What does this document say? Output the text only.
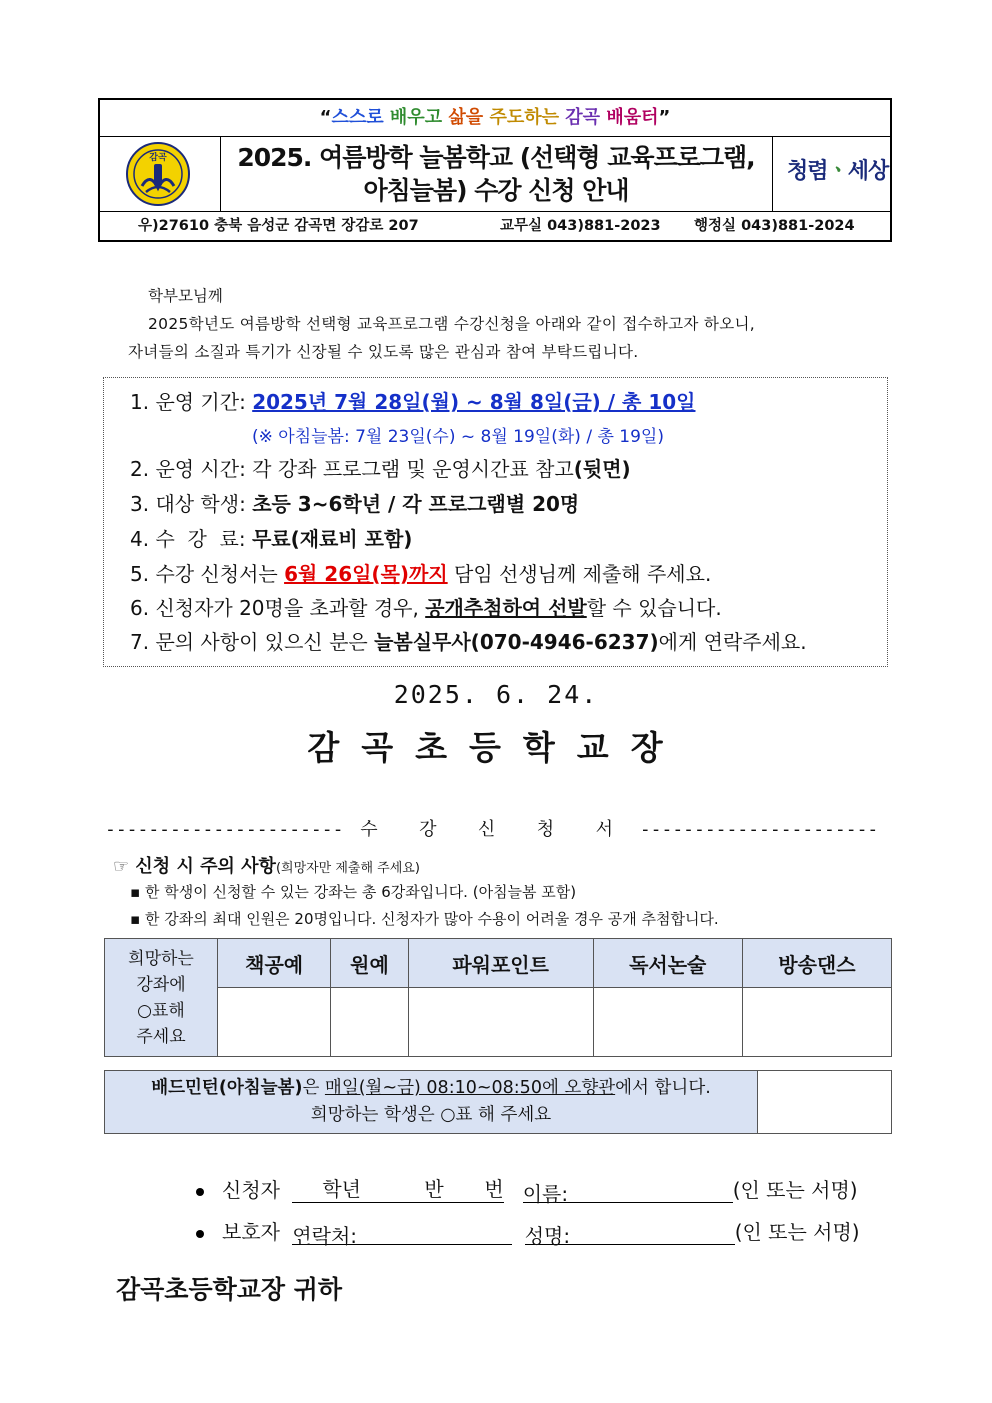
“스스로 배우고 삶을 주도하는 감곡 배움터”
감곡	2025. 여름방학 늘봄학교 (선택형 교육프로그램,
아침늘봄) 수강 신청 안내
청렴ㆍ세상
우)27610 충북 음성군 감곡면 장감로 207	교무실 043)881-2023 행정실 043)881-2024
학부모님께
2025학년도 여름방학 선택형 교육프로그램 수강신청을 아래와 같이 접수하고자 하오니,
자녀들의 소질과 특기가 신장될 수 있도록 많은 관심과 참여 부탁드립니다.
1. 운영 기간: 2025년 7월 28일(월) ~ 8월 8일(금) / 총 10일
(※ 아침늘봄: 7월 23일(수) ~ 8월 19일(화) / 총 19일)
2. 운영 시간: 각 강좌 프로그램 및 운영시간표 참고(뒷면)
3. 대상 학생: 초등 3~6학년 / 각 프로그램별 20명
4. 수  강  료: 무료(재료비 포함)
5. 수강 신청서는 6월 26일(목)까지 담임 선생님께 제출해 주세요.
6. 신청자가 20명을 초과할 경우, 공개추첨하여 선발할 수 있습니다.
7. 문의 사항이 있으신 분은 늘봄실무사(070-4946-6237)에게 연락주세요.
2025. 6. 24.
감곡초등학교장
---------------------- 수  강  신  청  서 ----------------------
☞ 신청 시 주의 사항(희망자만 제출해 주세요)
▪ 한 학생이 신청할 수 있는 강좌는 총 6강좌입니다. (아침늘봄 포함)
▪ 한 강좌의 최대 인원은 20명입니다. 신청자가 많아 수용이 어려울 경우 공개 추첨합니다.
희망하는
강좌에
○표해
주세요	책공예	원예	파워포인트	독서논술	방송댄스

배드민턴(아침늘봄)은 매일(월~금) 08:10~08:50에 오향관에서 합니다.
희망하는 학생은 ○표 해 주세요

신청자 학년	반 번 이름:	(인 또는 서명)
보호자 연락처:	성명:	(인 또는 서명)
감곡초등학교장 귀하
